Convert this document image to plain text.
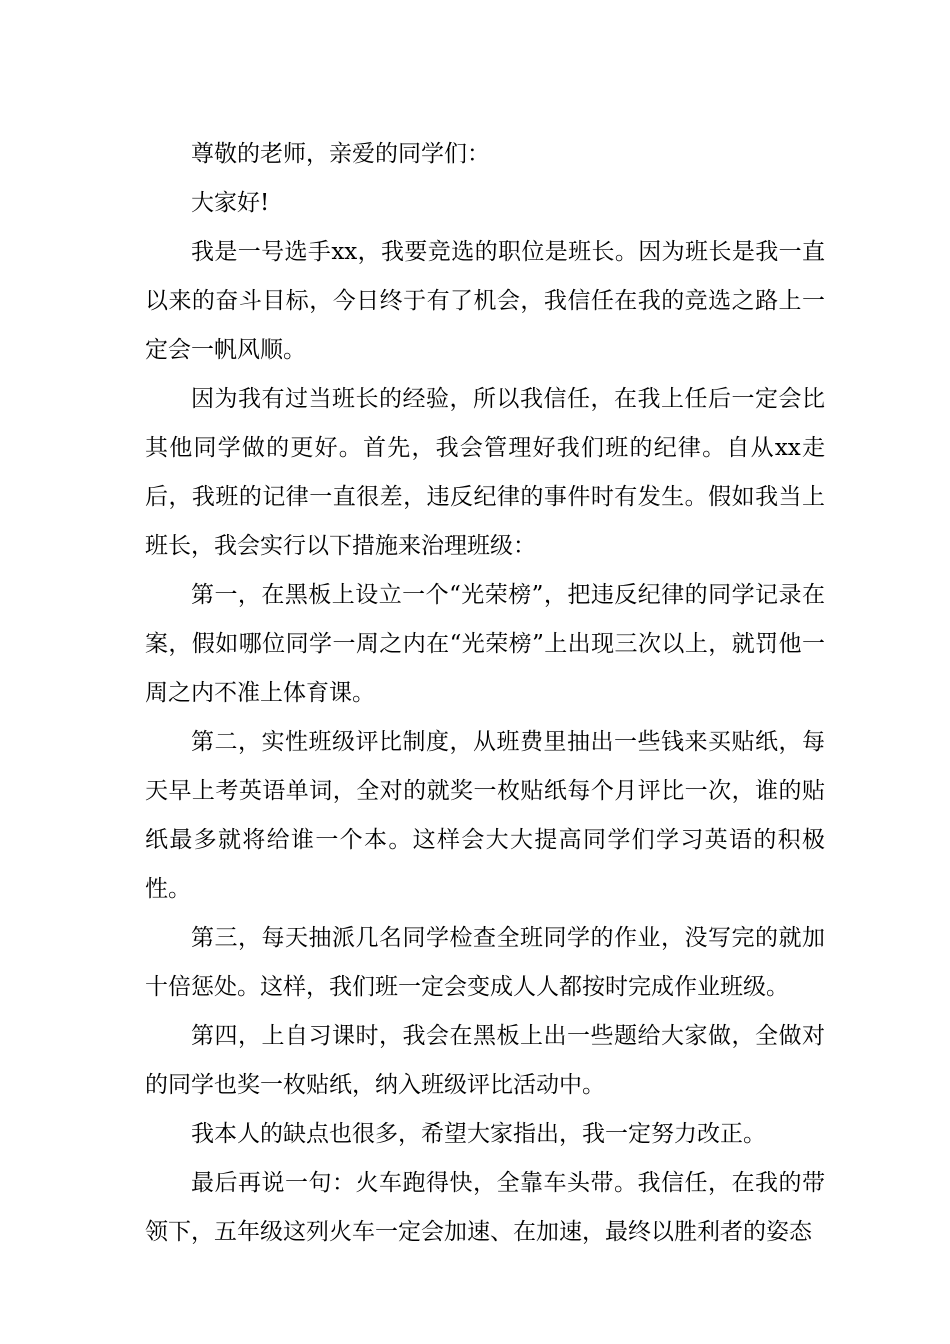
尊敬的老师，亲爱的同学们：

大家好!

我是一号选手xx，我要竞选的职位是班长。因为班长是我一直以来的奋斗目标，今日终于有了机会，我信任在我的竞选之路上一定会一帆风顺。

因为我有过当班长的经验，所以我信任，在我上任后一定会比其他同学做的更好。首先，我会管理好我们班的纪律。自从xx走后，我班的记律一直很差，违反纪律的事件时有发生。假如我当上班长，我会实行以下措施来治理班级：

第一，在黑板上设立一个“光荣榜”，把违反纪律的同学记录在案，假如哪位同学一周之内在“光荣榜”上出现三次以上，就罚他一周之内不准上体育课。

第二，实性班级评比制度，从班费里抽出一些钱来买贴纸，每天早上考英语单词，全对的就奖一枚贴纸每个月评比一次，谁的贴纸最多就将给谁一个本。这样会大大提高同学们学习英语的积极性。

第三，每天抽派几名同学检查全班同学的作业，没写完的就加十倍惩处。这样，我们班一定会变成人人都按时完成作业班级。

第四，上自习课时，我会在黑板上出一些题给大家做，全做对的同学也奖一枚贴纸，纳入班级评比活动中。

我本人的缺点也很多，希望大家指出，我一定努力改正。

最后再说一句：火车跑得快，全靠车头带。我信任，在我的带领下，五年级这列火车一定会加速、在加速，最终以胜利者的姿态
